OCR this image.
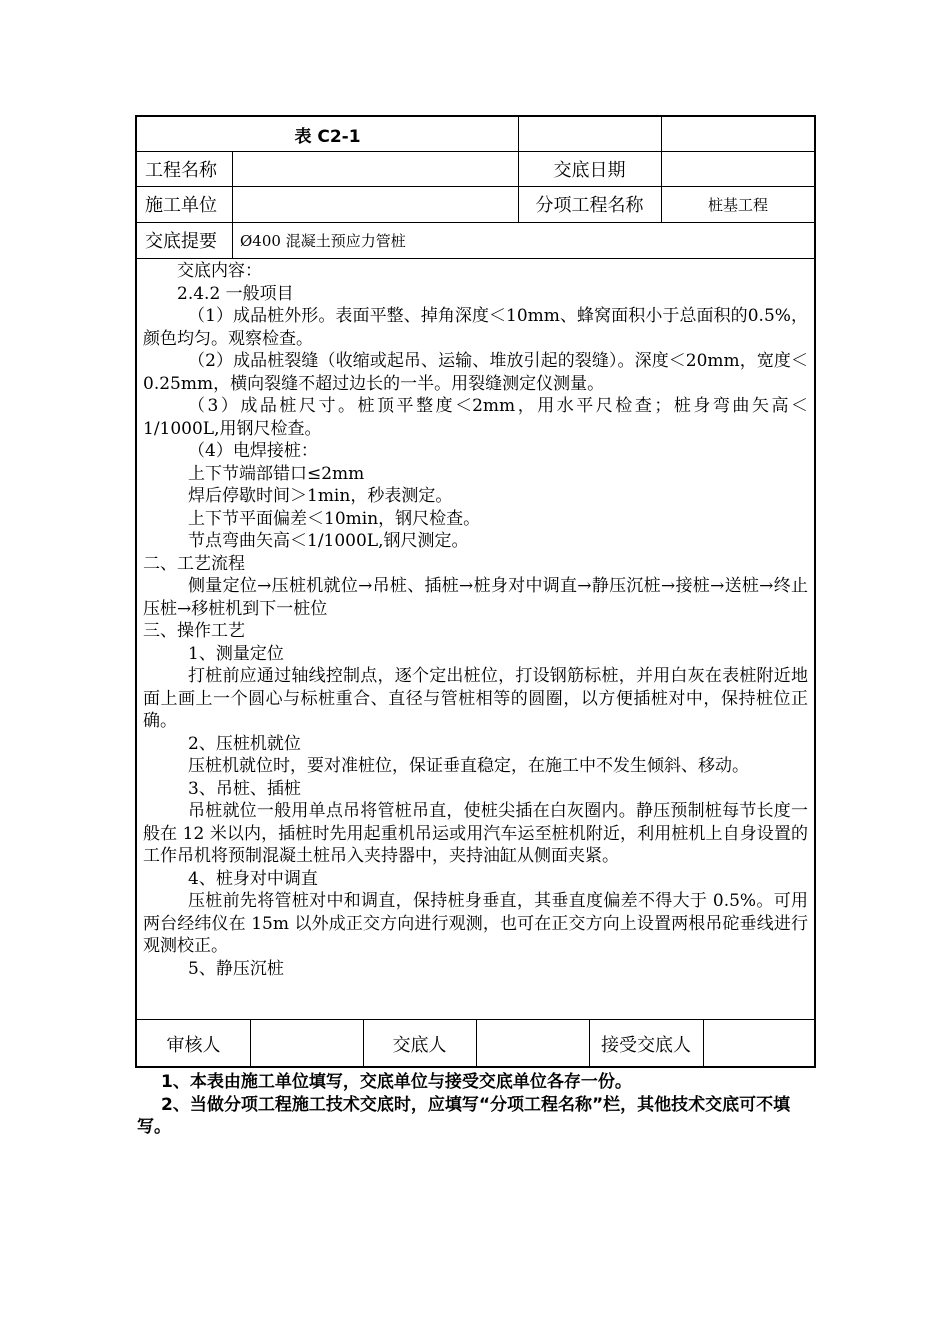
表 C2-1
工程名称	交底日期
施工单位	分项工程名称	桩基工程
交底提要	Ø400 混凝土预应力管桩

交底内容：

2.4.2 一般项目

（1）成品桩外形。表面平整、掉角深度＜10mm、蜂窝面积小于总面积的0.5%，颜色均匀。观察检查。

（2）成品桩裂缝（收缩或起吊、运输、堆放引起的裂缝）。深度＜20mm，宽度＜0.25mm，横向裂缝不超过边长的一半。用裂缝测定仪测量。

（3）成品桩尺寸。桩顶平整度＜2mm，用水平尺检查；桩身弯曲矢高＜1/1000L,用钢尺检查。

（4）电焊接桩：

上下节端部错口≤2mm

焊后停歇时间＞1min，秒表测定。

上下节平面偏差＜10min，钢尺检查。

节点弯曲矢高＜1/1000L,钢尺测定。

二、工艺流程

侧量定位→压桩机就位→吊桩、插桩→桩身对中调直→静压沉桩→接桩→送桩→终止压桩→移桩机到下一桩位

三、操作工艺

1、测量定位

打桩前应通过轴线控制点，逐个定出桩位，打设钢筋标桩，并用白灰在表桩附近地面上画上一个圆心与标桩重合、直径与管桩相等的圆圈，以方便插桩对中，保持桩位正确。

2、压桩机就位

压桩机就位时，要对准桩位，保证垂直稳定，在施工中不发生倾斜、移动。

3、吊桩、插桩

吊桩就位一般用单点吊将管桩吊直，使桩尖插在白灰圈内。静压预制桩每节长度一般在 12 米以内，插桩时先用起重机吊运或用汽车运至桩机附近，利用桩机上自身设置的工作吊机将预制混凝土桩吊入夹持器中，夹持油缸从侧面夹紧。

4、桩身对中调直

压桩前先将管桩对中和调直，保持桩身垂直，其垂直度偏差不得大于 0.5%。可用两台经纬仪在 15m 以外成正交方向进行观测，也可在正交方向上设置两根吊砣垂线进行观测校正。

5、静压沉桩

审核人	交底人	接受交底人

1、本表由施工单位填写，交底单位与接受交底单位各存一份。

2、当做分项工程施工技术交底时，应填写“分项工程名称”栏，其他技术交底可不填写。
